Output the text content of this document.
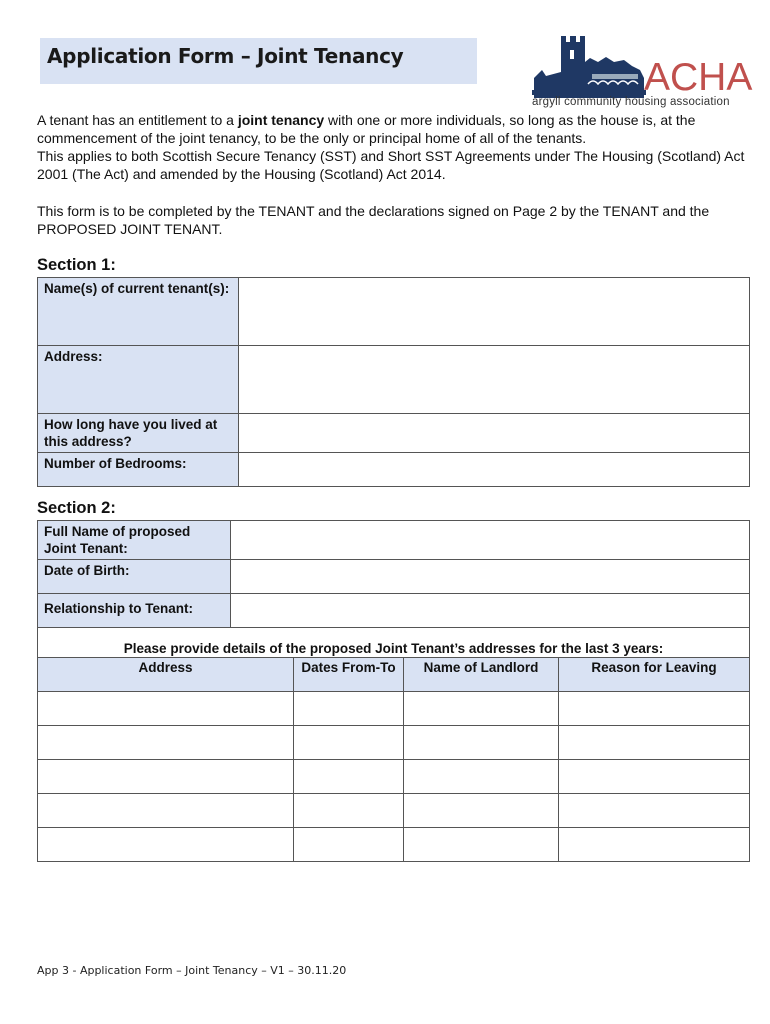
Application Form – Joint Tenancy	ACHA
argyll community housing association
A tenant has an entitlement to a joint tenancy with one or more individuals, so long as the house is, at the commencement of the joint tenancy, to be the only or principal home of all of the tenants.
This applies to both Scottish Secure Tenancy (SST) and Short SST Agreements under The Housing (Scotland) Act 2001 (The Act) and amended by the Housing (Scotland) Act 2014.
This form is to be completed by the TENANT and the declarations signed on Page 2 by the TENANT and the PROPOSED JOINT TENANT.
Section 1:
Name(s) of current tenant(s):	
Address:	
How long have you lived at this address?	
Number of Bedrooms:	
Section 2:
Full Name of proposed Joint Tenant:	
Date of Birth:	
Relationship to Tenant:	
Please provide details of the proposed Joint Tenant’s addresses for the last 3 years:
Address	Dates From-To	Name of Landlord	Reason for Leaving

App 3 - Application Form – Joint Tenancy – V1 – 30.11.20
